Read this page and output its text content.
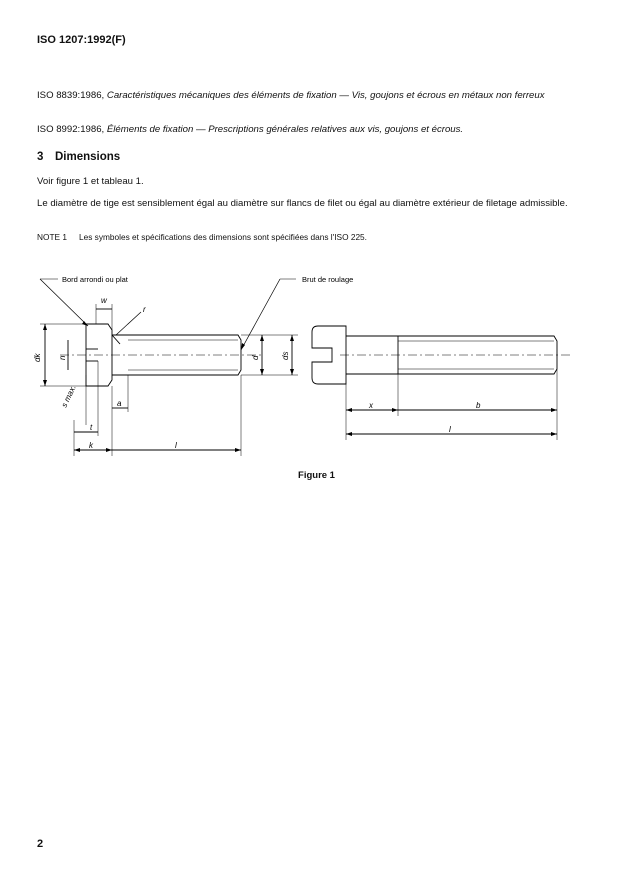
ISO 1207:1992(F)
ISO 8839:1986, Caractéristiques mécaniques des éléments de fixation — Vis, goujons et écrous en métaux non ferreux
ISO 8992:1986, Éléments de fixation — Prescriptions générales relatives aux vis, goujons et écrous.
3 Dimensions
Voir figure 1 et tableau 1.
Le diamètre de tige est sensiblement égal au diamètre sur flancs de filet ou égal au diamètre extérieur de filetage admissible.
NOTE 1 Les symboles et spécifications des dimensions sont spécifiées dans l'ISO 225.
Bord arrondi ou plat	Brut de roulage
w
r
dk n	d	ds
s max.	a
t
k	l
x	b
l
Figure 1
2
